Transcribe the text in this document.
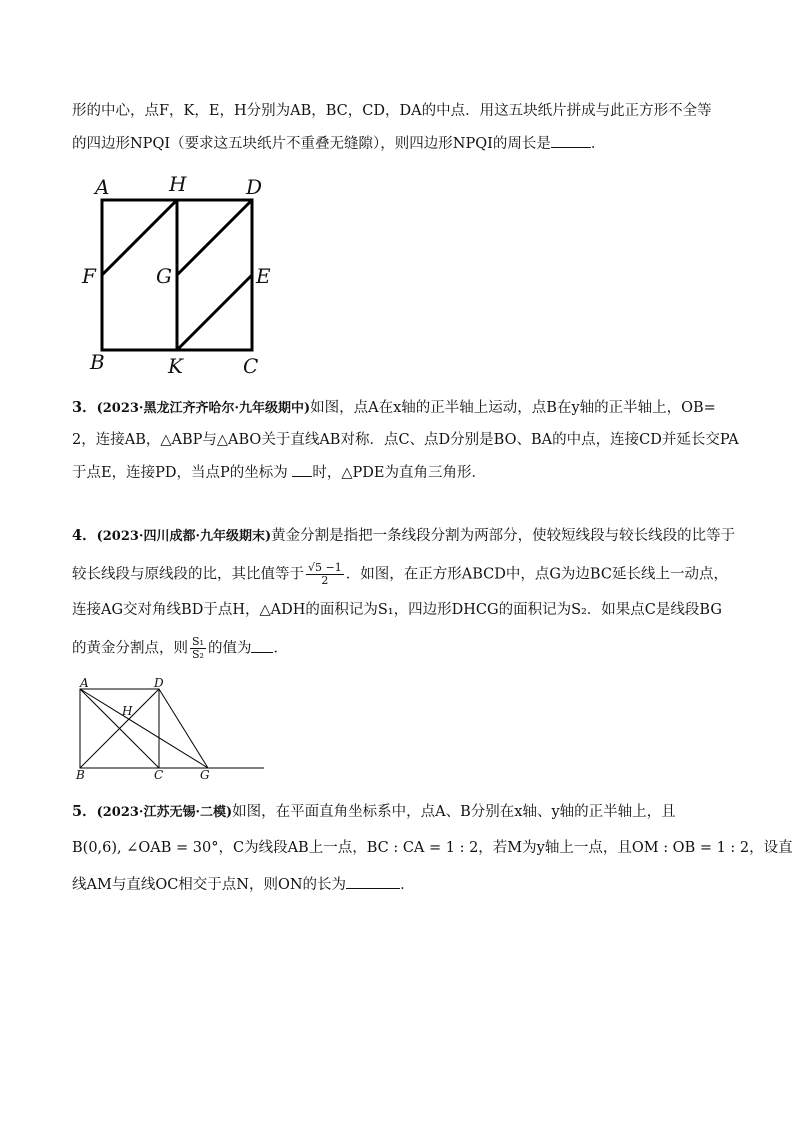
形的中心，点F，K，E，H分别为AB，BC，CD，DA的中点．用这五块纸片拼成与此正方形不全等
的四边形NPQI（要求这五块纸片不重叠无缝隙），则四边形NPQI的周长是	．
A	H	D
F	G	E
B	K	C
3．(2023·黑龙江齐齐哈尔·九年级期中)如图，点A在x轴的正半轴上运动，点B在y轴的正半轴上，OB=
2，连接AB，△ABP与△ABO关于直线AB对称．点C、点D分别是BO、BA的中点，连接CD并延长交PA
于点E，连接PD，当点P的坐标为 时，△PDE为直角三角形．
4．(2023·四川成都·九年级期末)黄金分割是指把一条线段分割为两部分，使较短线段与较长线段的比等于
较长线段与原线段的比，其比值等于 $\frac{√5 -1}{2}$ ．如图，在正方形ABCD中，点G为边BC延长线上一动点，
连接AG交对角线BD于点H，△ADH的面积记为S₁，四边形DHCG的面积记为S₂．如果点C是线段BG
的黄金分割点，则 $\frac{\text{S₁}}{\text{S₂}}$ 的值为 ．
A	D
H
B	C	G
5．(2023·江苏无锡·二模)如图，在平面直角坐标系中，点A、B分别在x轴、y轴的正半轴上，且
B(0,6), ∠OAB = 30°，C为线段AB上一点，BC : CA = 1 : 2，若M为y轴上一点，且OM : OB = 1 : 2，设直
线AM与直线OC相交于点N，则ON的长为	．
